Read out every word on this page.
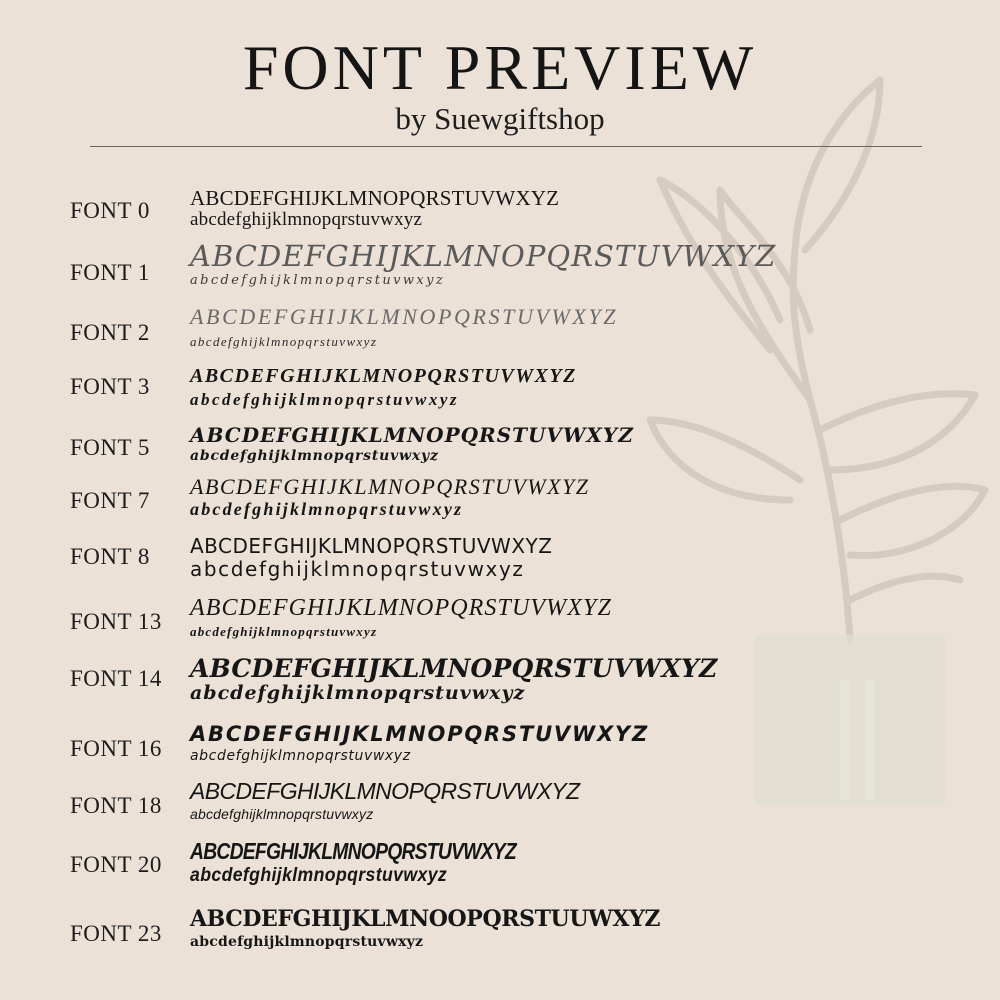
FONT PREVIEW
by Suewgiftshop
FONT 0 ABCDEFGHIJKLMNOPQRSTUVWXYZ
abcdefghijklmnopqrstuvwxyz
FONT 1 ABCDEFGHIJKLMNOPQRSTUVWXYZ
abcdefghijklmnopqrstuvwxyz
FONT 2
ABCDEFGHIJKLMNOPQRSTUVWXYZ
abcdefghijklmnopqrstuvwxyz
FONT 3 ABCDEFGHIJKLMNOPQRSTUVWXYZ
abcdefghijklmnopqrstuvwxyz
FONT 5 ABCDEFGHIJKLMNOPQRSTUVWXYZ
abcdefghijklmnopqrstuvwxyz
FONT 7
ABCDEFGHIJKLMNOPQRSTUVWXYZ
abcdefghijklmnopqrstuvwxyz
FONT 8 ABCDEFGHIJKLMNOPQRSTUVWXYZ
abcdefghijklmnopqrstuvwxyz
FONT 13
ABCDEFGHIJKLMNOPQRSTUVWXYZ
abcdefghijklmnopqrstuvwxyz
FONT 14 ABCDEFGHIJKLMNOPQRSTUVWXYZ
abcdefghijklmnopqrstuvwxyz
FONT 16
ABCDEFGHIJKLMNOPQRSTUVWXYZ
abcdefghijklmnopqrstuvwxyz
FONT 18
ABCDEFGHIJKLMNOPQRSTUVWXYZ
abcdefghijklmnopqrstuvwxyz
FONT 20
ABCDEFGHIJKLMNOPQRSTUVWXYZ
abcdefghijklmnopqrstuvwxyz
FONT 23
ABCDEFGHIJKLMNOOPQRSTUUWXYZ
abcdefghijklmnopqrstuvwxyz
